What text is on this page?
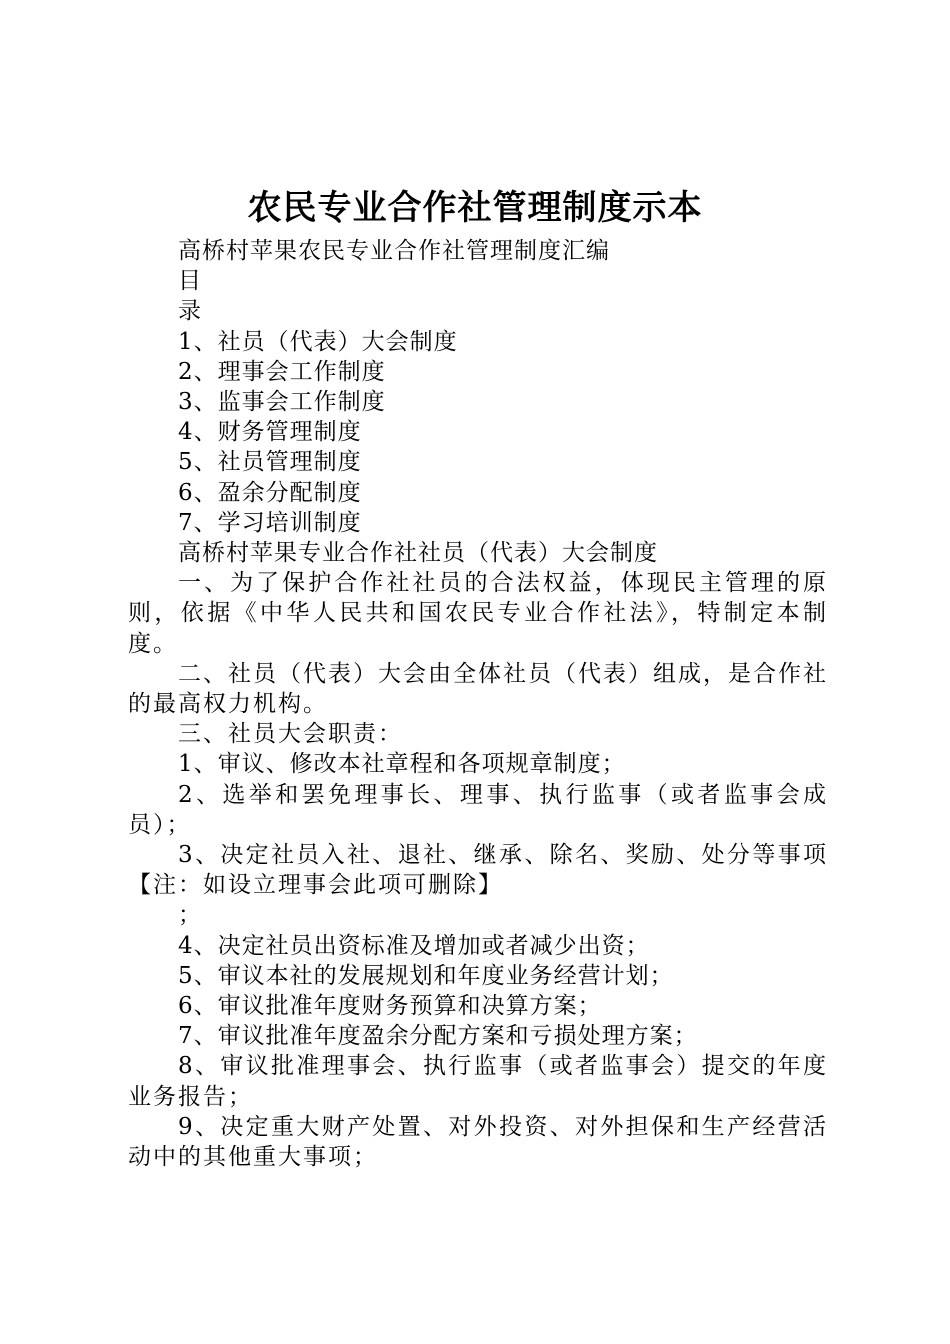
农民专业合作社管理制度示本
高桥村苹果农民专业合作社管理制度汇编
目
录
1、社员（代表）大会制度
2、理事会工作制度
3、监事会工作制度
4、财务管理制度
5、社员管理制度
6、盈余分配制度
7、学习培训制度
高桥村苹果专业合作社社员（代表）大会制度

一、为了保护合作社社员的合法权益，体现民主管理的原则，依据《中华人民共和国农民专业合作社法》，特制定本制度。

二、社员（代表）大会由全体社员（代表）组成，是合作社的最高权力机构。

三、社员大会职责：

1、审议、修改本社章程和各项规章制度；

2、选举和罢免理事长、理事、执行监事（或者监事会成员）；

3、决定社员入社、退社、继承、除名、奖励、处分等事项【注：如设立理事会此项可删除】

；

4、决定社员出资标准及增加或者减少出资；

5、审议本社的发展规划和年度业务经营计划；

6、审议批准年度财务预算和决算方案；

7、审议批准年度盈余分配方案和亏损处理方案；

8、审议批准理事会、执行监事（或者监事会）提交的年度业务报告；

9、决定重大财产处置、对外投资、对外担保和生产经营活动中的其他重大事项；
